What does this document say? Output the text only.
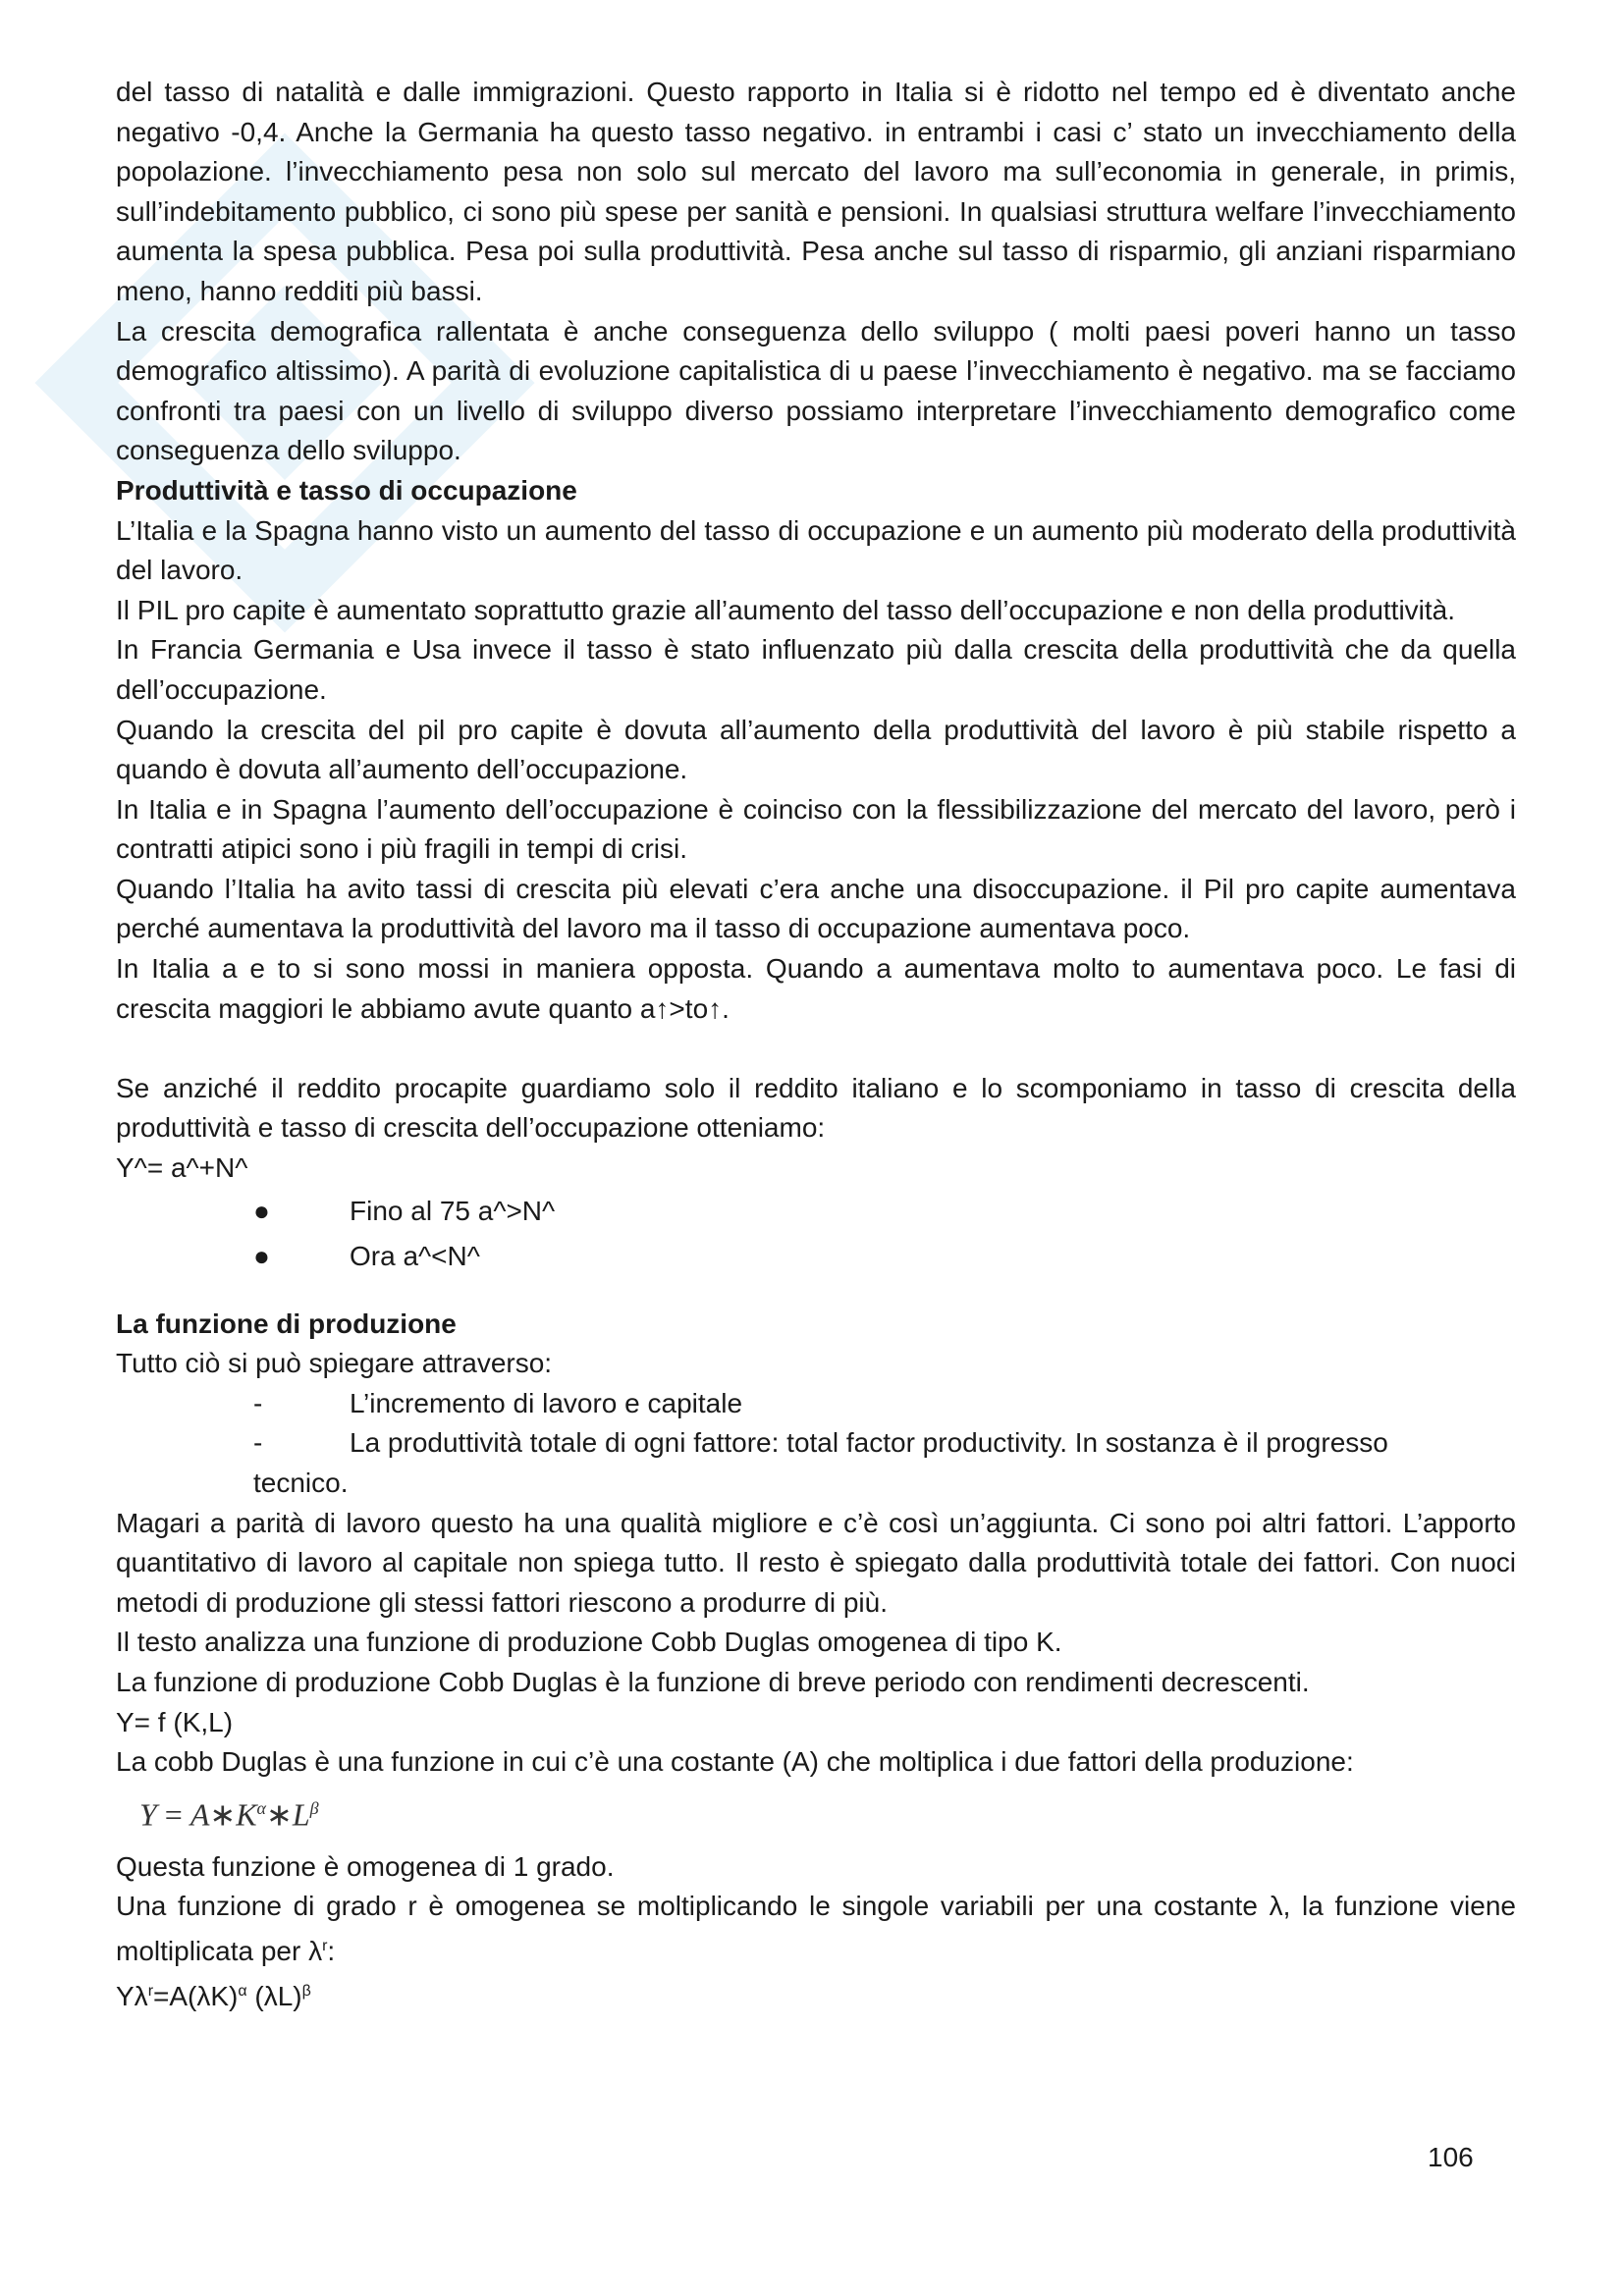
del tasso di natalità e dalle immigrazioni. Questo rapporto in Italia si è ridotto nel tempo ed è diventato anche negativo -0,4. Anche la Germania ha questo tasso negativo. in entrambi i casi c’ stato un invecchiamento della popolazione. l’invecchiamento pesa non solo sul mercato del lavoro ma sull’economia in generale, in primis, sull’indebitamento pubblico, ci sono più spese per sanità e pensioni. In qualsiasi struttura welfare l’invecchiamento aumenta la spesa pubblica. Pesa poi sulla produttività. Pesa anche sul tasso di risparmio, gli anziani risparmiano meno, hanno redditi più bassi.

La crescita demografica rallentata è anche conseguenza dello sviluppo ( molti paesi poveri hanno un tasso demografico altissimo). A parità di evoluzione capitalistica di u paese l’invecchiamento è negativo. ma se facciamo confronti tra paesi con un livello di sviluppo diverso possiamo interpretare l’invecchiamento demografico come conseguenza dello sviluppo.

Produttività e tasso di occupazione

L’Italia e la Spagna hanno visto un aumento del tasso di occupazione e un aumento più moderato della produttività del lavoro.

Il PIL pro capite è aumentato soprattutto grazie all’aumento del tasso dell’occupazione e non della produttività.

In Francia Germania e Usa invece il tasso è stato influenzato più dalla crescita della produttività che da quella dell’occupazione.

Quando la crescita del pil pro capite è dovuta all’aumento della produttività del lavoro è più stabile rispetto a quando è dovuta all’aumento dell’occupazione.

In Italia e in Spagna l’aumento dell’occupazione è coinciso con la flessibilizzazione del mercato del lavoro, però i contratti atipici sono i più fragili in tempi di crisi.

Quando l’Italia ha avito tassi di crescita più elevati c’era anche una disoccupazione. il Pil pro capite aumentava perché aumentava la produttività del lavoro ma il tasso di occupazione aumentava poco.

In Italia a e to si sono mossi in maniera opposta. Quando a aumentava molto to aumentava poco. Le fasi di crescita maggiori le abbiamo avute quanto a↑>to↑.

Se anziché il reddito procapite guardiamo solo il reddito italiano e lo scomponiamo in tasso di crescita della produttività e tasso di crescita dell’occupazione otteniamo:

Y^= a^+N^

●	Fino al 75 a^>N^
●	Ora a^<N^

La funzione di produzione

Tutto ciò si può spiegare attraverso:

-	L’incremento di lavoro e capitale
-	La produttività totale di ogni fattore: total factor productivity. In sostanza è il progresso
tecnico.

Magari a parità di lavoro questo ha una qualità migliore e c’è così un’aggiunta. Ci sono poi altri fattori. L’apporto quantitativo di lavoro al capitale non spiega tutto. Il resto è spiegato dalla produttività totale dei fattori. Con nuoci metodi di produzione gli stessi fattori riescono a produrre di più.

Il testo analizza una funzione di produzione Cobb Duglas omogenea di tipo K.

La funzione di produzione Cobb Duglas è la funzione di breve periodo con rendimenti decrescenti.

Y= f (K,L)

La cobb Duglas è una funzione in cui c’è una costante (A) che moltiplica i due fattori della produzione:

$Y = A∗K^\alpha∗L^\beta$

Questa funzione è omogenea di 1 grado.

Una funzione di grado r è omogenea se moltiplicando le singole variabili per una costante λ, la funzione viene moltiplicata per $\lambda^r$:

$Y\lambda^r=A(\lambda K)^\alpha$ $(\lambda L)^\beta$

106
